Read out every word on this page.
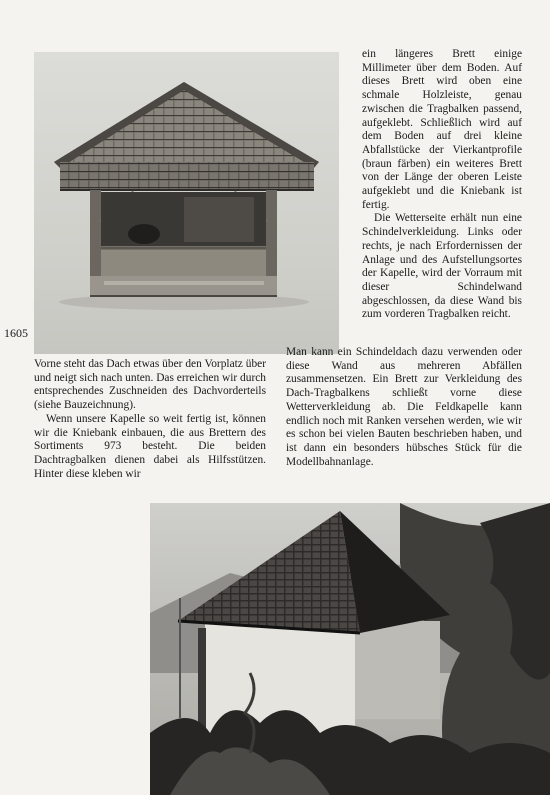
1605

ein längeres Brett einige Millimeter über dem Boden. Auf dieses Brett wird oben eine schmale Holzleiste, genau zwischen die Tragbalken passend, aufgeklebt. Schließlich wird auf dem Boden auf drei kleine Abfallstücke der Vierkantprofile (braun färben) ein weiteres Brett von der Länge der oberen Leiste aufgeklebt und die Kniebank ist fertig.

Die Wetterseite erhält nun eine Schindelverkleidung. Links oder rechts, je nach Erfordernissen der Anlage und des Aufstellungsortes der Kapelle, wird der Vorraum mit dieser Schindelwand abgeschlossen, da diese Wand bis zum vorderen Tragbalken reicht.

Vorne steht das Dach etwas über den Vorplatz über und neigt sich nach unten. Das erreichen wir durch entsprechendes Zuschneiden des Dachvorderteils (siehe Bauzeichnung).

Wenn unsere Kapelle so weit fertig ist, können wir die Kniebank einbauen, die aus Brettern des Sortiments 973 besteht. Die beiden Dachtragbalken dienen dabei als Hilfsstützen. Hinter diese kleben wir

Man kann ein Schindeldach dazu verwenden oder diese Wand aus mehreren Abfällen zusammensetzen. Ein Brett zur Verkleidung des Dach-Tragbalkens schließt vorne diese Wetterverkleidung ab. Die Feldkapelle kann endlich noch mit Ranken versehen werden, wie wir es schon bei vielen Bauten beschrieben haben, und ist dann ein besonders hübsches Stück für die Modellbahnanlage.
